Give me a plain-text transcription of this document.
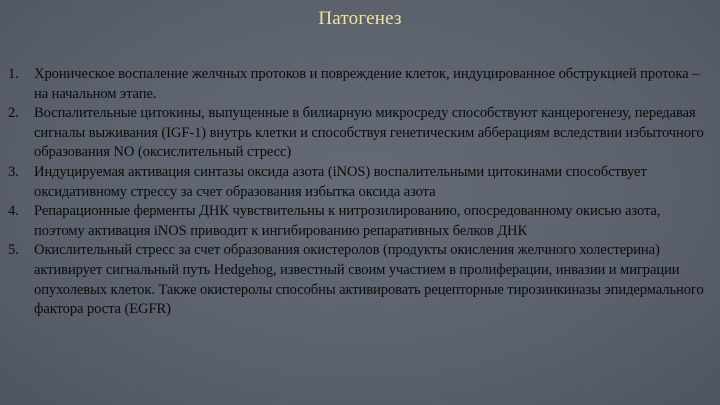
Патогенез
1.	Хроническое воспаление желчных протоков и повреждение клеток, индуцированное обструкцией протока – на начальном этапе.
2.	Воспалительные цитокины, выпущенные в билиарную микросреду способствуют канцерогенезу, передавая сигналы выживания (IGF-1) внутрь клетки и способствуя генетическим абберациям вследствии избыточного образования NO (оксислительный стресс)
3.	Индуцируемая активация синтазы оксида азота (iNOS) воспалительными цитокинами способствует оксидативному стрессу за счет образования избытка оксида азота
4.	Репарационные ферменты ДНК чувствительны к нитрозилированию, опосредованному окисью азота, поэтому активация iNOS приводит к ингибированию репаративных белков ДНК
5.	Окислительный стресс за счет образования окистеролов (продукты окисления желчного холестерина) активирует сигнальный путь Hedgehog, известный своим участием в пролиферации, инвазии и миграции опухолевых клеток. Также окистеролы способны активировать рецепторные тирозинкиназы эпидермального фактора роста (EGFR)
